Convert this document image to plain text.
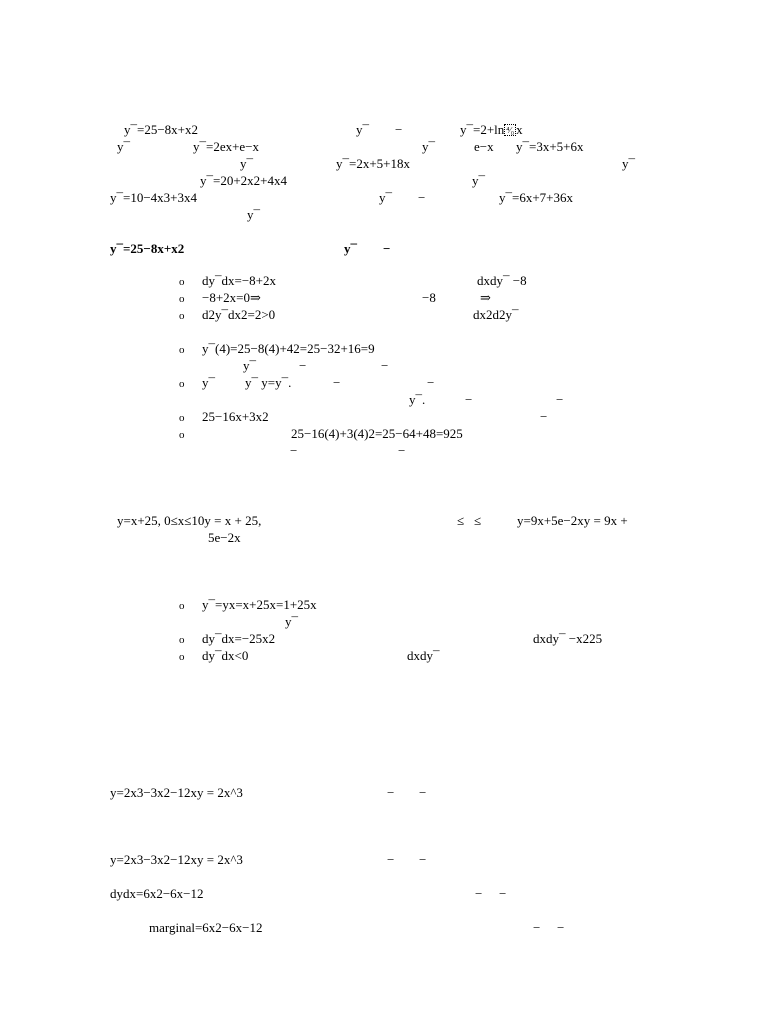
y¯=25−8x+x2	y¯ −	y¯=2+ln ⁴∕₀ x
y¯	y¯=2ex+e−x	y¯	e−x y¯=3x+5+6x
y¯	y¯=2x+5+18x	y¯
y¯=20+2x2+4x4	y¯
y¯=10−4x3+3x4	y¯ −	y¯=6x+7+36x
y¯
y¯=25−8x+x2	y¯ −
o dy¯dx=−8+2x	dxdy¯ −8
o −8+2x=0⇒	−8	⇒
o d2y¯dx2=2>0	dx2d2y¯
o y¯(4)=25−8(4)+42=25−32+16=9
y¯	−	−
o y¯ y¯ y=y¯.	−	−
y¯.	−	−
o 25−16x+3x2	−
o	25−16(4)+3(4)2=25−64+48=925
−	−
y=x+25, 0≤x≤10y = x + 25,	≤ ≤	y=9x+5e−2xy = 9x +
5e−2x
o y¯=yx=x+25x=1+25x
y¯
o dy¯dx=−25x2	dxdy¯ −x225
o dy¯dx<0	dxdy¯
y=2x3−3x2−12xy = 2x^3	− −
y=2x3−3x2−12xy = 2x^3	− −
dydx=6x2−6x−12	− −
marginal=6x2−6x−12	− −
